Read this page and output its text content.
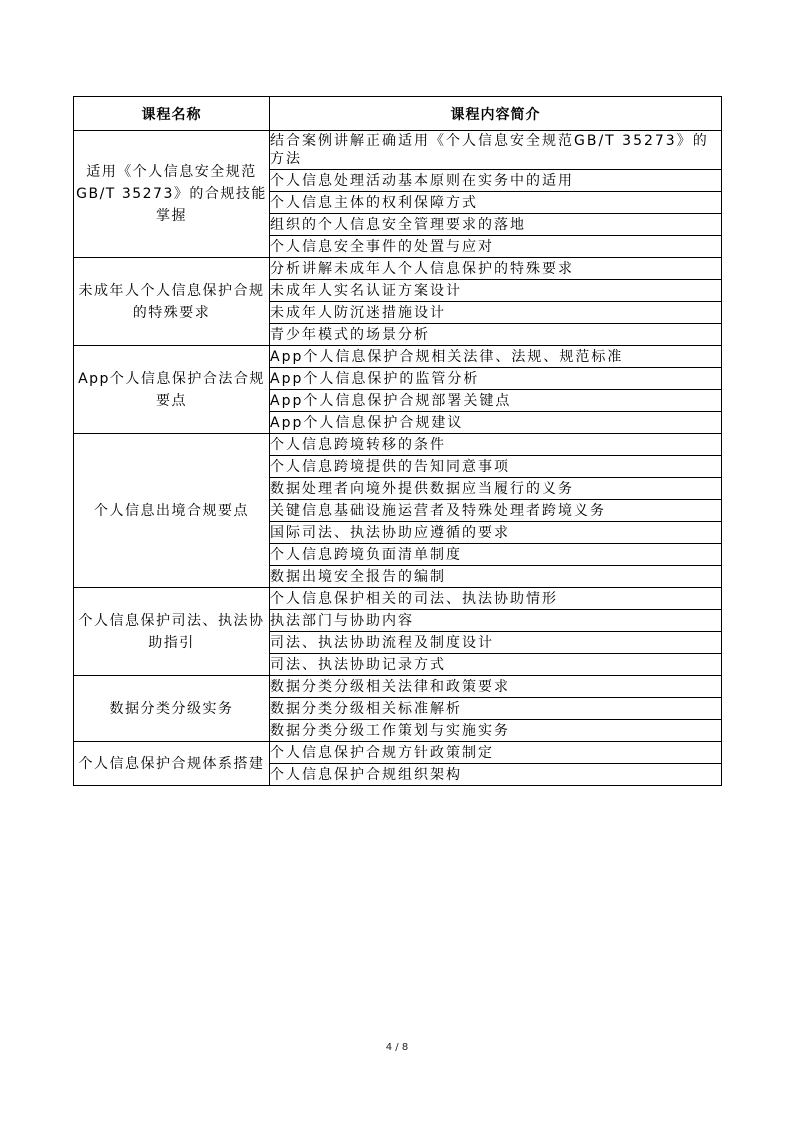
课程名称	课程内容简介
适用《个人信息安全规范GB/T 35273》的合规技能掌握	结合案例讲解正确适用《个人信息安全规范GB/T 35273》的方法
	个人信息处理活动基本原则在实务中的适用
	个人信息主体的权利保障方式
	组织的个人信息安全管理要求的落地
	个人信息安全事件的处置与应对
未成年人个人信息保护合规的特殊要求	分析讲解未成年人个人信息保护的特殊要求
	未成年人实名认证方案设计
	未成年人防沉迷措施设计
	青少年模式的场景分析
App个人信息保护合法合规要点	App个人信息保护合规相关法律、法规、规范标准
	App个人信息保护的监管分析
	App个人信息保护合规部署关键点
	App个人信息保护合规建议
个人信息出境合规要点	个人信息跨境转移的条件
	个人信息跨境提供的告知同意事项
	数据处理者向境外提供数据应当履行的义务
	关键信息基础设施运营者及特殊处理者跨境义务
	国际司法、执法协助应遵循的要求
	个人信息跨境负面清单制度
	数据出境安全报告的编制
个人信息保护司法、执法协助指引	个人信息保护相关的司法、执法协助情形
	执法部门与协助内容
	司法、执法协助流程及制度设计
	司法、执法协助记录方式
数据分类分级实务	数据分类分级相关法律和政策要求
	数据分类分级相关标准解析
	数据分类分级工作策划与实施实务
个人信息保护合规体系搭建	个人信息保护合规方针政策制定
	个人信息保护合规组织架构
4 / 8
